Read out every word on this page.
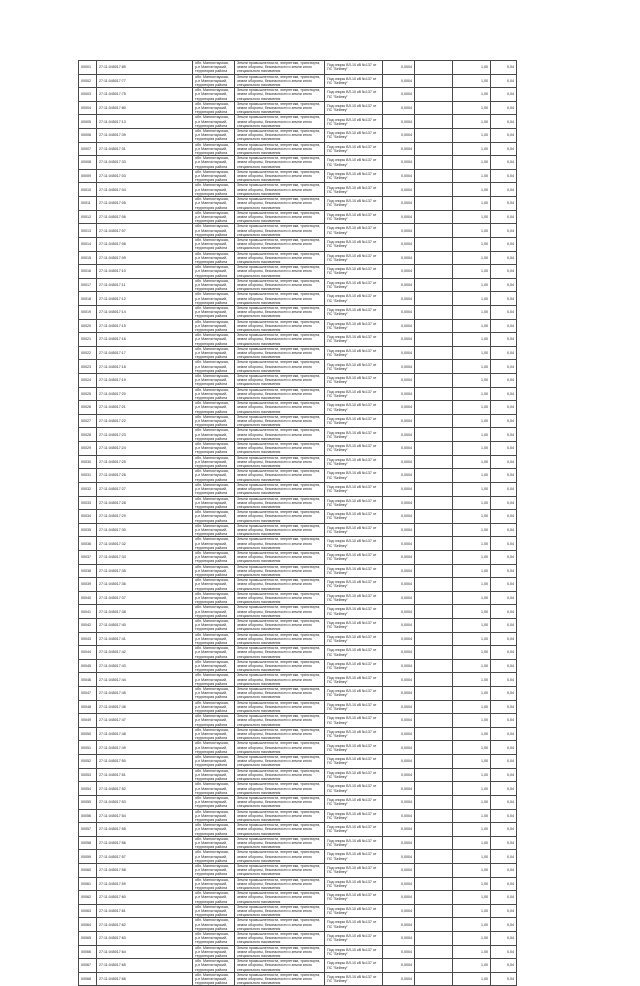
00001	27:11:045017:89	обл. Мангистауская, р-н Мангистауский, территория района	Земли промышленности, энергетики, транспорта, земли обороны, безопасности и земли иного специального назначения	Под опоры ВЛ-10 кВ №137 от ПС "Бейнеу"	0,0004		1,00	0,04
00002	27:11:045017:77	обл. Мангистауская, р-н Мангистауский, территория района	Земли промышленности, энергетики, транспорта, земли обороны, безопасности и земли иного специального назначения	Под опоры ВЛ-10 кВ №137 от ПС "Бейнеу"	0,0004		1,00	0,04
00003	27:11:045017:75	обл. Мангистауская, р-н Мангистауский, территория района	Земли промышленности, энергетики, транспорта, земли обороны, безопасности и земли иного специального назначения	Под опоры ВЛ-10 кВ №137 от ПС "Бейнеу"	0,0004		1,00	0,04
00004	27:11:045017:80	обл. Мангистауская, р-н Мангистауский, территория района	Земли промышленности, энергетики, транспорта, земли обороны, безопасности и земли иного специального назначения	Под опоры ВЛ-10 кВ №137 от ПС "Бейнеу"	0,0004		1,00	0,04
00005	27:11:045017:13	обл. Мангистауская, р-н Мангистауский, территория района	Земли промышленности, энергетики, транспорта, земли обороны, безопасности и земли иного специального назначения	Под опоры ВЛ-10 кВ №137 от ПС "Бейнеу"	0,0004		1,00	0,04
00006	27:11:045017:39	обл. Мангистауская, р-н Мангистауский, территория района	Земли промышленности, энергетики, транспорта, земли обороны, безопасности и земли иного специального назначения	Под опоры ВЛ-10 кВ №137 от ПС "Бейнеу"	0,0004		1,00	0,04
00007	27:11:045017:31	обл. Мангистауская, р-н Мангистауский, территория района	Земли промышленности, энергетики, транспорта, земли обороны, безопасности и земли иного специального назначения	Под опоры ВЛ-10 кВ №137 от ПС "Бейнеу"	0,0004		1,00	0,04
00008	27:11:045017:33	обл. Мангистауская, р-н Мангистауский, территория района	Земли промышленности, энергетики, транспорта, земли обороны, безопасности и земли иного специального назначения	Под опоры ВЛ-10 кВ №137 от ПС "Бейнеу"	0,0004		1,00	0,04
00009	27:11:045017:03	обл. Мангистауская, р-н Мангистауский, территория района	Земли промышленности, энергетики, транспорта, земли обороны, безопасности и земли иного специального назначения	Под опоры ВЛ-10 кВ №137 от ПС "Бейнеу"	0,0004		1,00	0,04
00010	27:11:045017:04	обл. Мангистауская, р-н Мангистауский, территория района	Земли промышленности, энергетики, транспорта, земли обороны, безопасности и земли иного специального назначения	Под опоры ВЛ-10 кВ №137 от ПС "Бейнеу"	0,0004		1,00	0,04
00011	27:11:045017:05	обл. Мангистауская, р-н Мангистауский, территория района	Земли промышленности, энергетики, транспорта, земли обороны, безопасности и земли иного специального назначения	Под опоры ВЛ-10 кВ №137 от ПС "Бейнеу"	0,0004		1,00	0,04
00012	27:11:045017:06	обл. Мангистауская, р-н Мангистауский, территория района	Земли промышленности, энергетики, транспорта, земли обороны, безопасности и земли иного специального назначения	Под опоры ВЛ-10 кВ №137 от ПС "Бейнеу"	0,0004		1,00	0,04
00013	27:11:045017:07	обл. Мангистауская, р-н Мангистауский, территория района	Земли промышленности, энергетики, транспорта, земли обороны, безопасности и земли иного специального назначения	Под опоры ВЛ-10 кВ №137 от ПС "Бейнеу"	0,0004		1,00	0,04
00014	27:11:045017:08	обл. Мангистауская, р-н Мангистауский, территория района	Земли промышленности, энергетики, транспорта, земли обороны, безопасности и земли иного специального назначения	Под опоры ВЛ-10 кВ №137 от ПС "Бейнеу"	0,0004		1,00	0,04
00015	27:11:045017:09	обл. Мангистауская, р-н Мангистауский, территория района	Земли промышленности, энергетики, транспорта, земли обороны, безопасности и земли иного специального назначения	Под опоры ВЛ-10 кВ №137 от ПС "Бейнеу"	0,0004		1,00	0,04
00016	27:11:045017:10	обл. Мангистауская, р-н Мангистауский, территория района	Земли промышленности, энергетики, транспорта, земли обороны, безопасности и земли иного специального назначения	Под опоры ВЛ-10 кВ №137 от ПС "Бейнеу"	0,0004		1,00	0,04
00017	27:11:045017:11	обл. Мангистауская, р-н Мангистауский, территория района	Земли промышленности, энергетики, транспорта, земли обороны, безопасности и земли иного специального назначения	Под опоры ВЛ-10 кВ №137 от ПС "Бейнеу"	0,0004		1,00	0,04
00018	27:11:045017:12	обл. Мангистауская, р-н Мангистауский, территория района	Земли промышленности, энергетики, транспорта, земли обороны, безопасности и земли иного специального назначения	Под опоры ВЛ-10 кВ №137 от ПС "Бейнеу"	0,0004		1,00	0,04
00019	27:11:045017:14	обл. Мангистауская, р-н Мангистауский, территория района	Земли промышленности, энергетики, транспорта, земли обороны, безопасности и земли иного специального назначения	Под опоры ВЛ-10 кВ №137 от ПС "Бейнеу"	0,0004		1,00	0,04
00020	27:11:045017:15	обл. Мангистауская, р-н Мангистауский, территория района	Земли промышленности, энергетики, транспорта, земли обороны, безопасности и земли иного специального назначения	Под опоры ВЛ-10 кВ №137 от ПС "Бейнеу"	0,0004		1,00	0,04
00021	27:11:045017:16	обл. Мангистауская, р-н Мангистауский, территория района	Земли промышленности, энергетики, транспорта, земли обороны, безопасности и земли иного специального назначения	Под опоры ВЛ-10 кВ №137 от ПС "Бейнеу"	0,0004		1,00	0,04
00022	27:11:045017:17	обл. Мангистауская, р-н Мангистауский, территория района	Земли промышленности, энергетики, транспорта, земли обороны, безопасности и земли иного специального назначения	Под опоры ВЛ-10 кВ №137 от ПС "Бейнеу"	0,0004		1,00	0,04
00023	27:11:045017:18	обл. Мангистауская, р-н Мангистауский, территория района	Земли промышленности, энергетики, транспорта, земли обороны, безопасности и земли иного специального назначения	Под опоры ВЛ-10 кВ №137 от ПС "Бейнеу"	0,0004		1,00	0,04
00024	27:11:045017:19	обл. Мангистауская, р-н Мангистауский, территория района	Земли промышленности, энергетики, транспорта, земли обороны, безопасности и земли иного специального назначения	Под опоры ВЛ-10 кВ №137 от ПС "Бейнеу"	0,0004		1,00	0,04
00025	27:11:045017:20	обл. Мангистауская, р-н Мангистауский, территория района	Земли промышленности, энергетики, транспорта, земли обороны, безопасности и земли иного специального назначения	Под опоры ВЛ-10 кВ №137 от ПС "Бейнеу"	0,0004		1,00	0,04
00026	27:11:045017:21	обл. Мангистауская, р-н Мангистауский, территория района	Земли промышленности, энергетики, транспорта, земли обороны, безопасности и земли иного специального назначения	Под опоры ВЛ-10 кВ №137 от ПС "Бейнеу"	0,0004		1,00	0,04
00027	27:11:045017:22	обл. Мангистауская, р-н Мангистауский, территория района	Земли промышленности, энергетики, транспорта, земли обороны, безопасности и земли иного специального назначения	Под опоры ВЛ-10 кВ №137 от ПС "Бейнеу"	0,0004		1,00	0,04
00028	27:11:045017:23	обл. Мангистауская, р-н Мангистауский, территория района	Земли промышленности, энергетики, транспорта, земли обороны, безопасности и земли иного специального назначения	Под опоры ВЛ-10 кВ №137 от ПС "Бейнеу"	0,0004		1,00	0,04
00029	27:11:045017:24	обл. Мангистауская, р-н Мангистауский, территория района	Земли промышленности, энергетики, транспорта, земли обороны, безопасности и земли иного специального назначения	Под опоры ВЛ-10 кВ №137 от ПС "Бейнеу"	0,0004		1,00	0,04
00030	27:11:045017:25	обл. Мангистауская, р-н Мангистауский, территория района	Земли промышленности, энергетики, транспорта, земли обороны, безопасности и земли иного специального назначения	Под опоры ВЛ-10 кВ №137 от ПС "Бейнеу"	0,0004		1,00	0,04
00031	27:11:045017:26	обл. Мангистауская, р-н Мангистауский, территория района	Земли промышленности, энергетики, транспорта, земли обороны, безопасности и земли иного специального назначения	Под опоры ВЛ-10 кВ №137 от ПС "Бейнеу"	0,0004		1,00	0,04
00032	27:11:045017:27	обл. Мангистауская, р-н Мангистауский, территория района	Земли промышленности, энергетики, транспорта, земли обороны, безопасности и земли иного специального назначения	Под опоры ВЛ-10 кВ №137 от ПС "Бейнеу"	0,0004		1,00	0,04
00033	27:11:045017:28	обл. Мангистауская, р-н Мангистауский, территория района	Земли промышленности, энергетики, транспорта, земли обороны, безопасности и земли иного специального назначения	Под опоры ВЛ-10 кВ №137 от ПС "Бейнеу"	0,0004		1,00	0,04
00034	27:11:045017:29	обл. Мангистауская, р-н Мангистауский, территория района	Земли промышленности, энергетики, транспорта, земли обороны, безопасности и земли иного специального назначения	Под опоры ВЛ-10 кВ №137 от ПС "Бейнеу"	0,0004		1,00	0,04
00035	27:11:045017:30	обл. Мангистауская, р-н Мангистауский, территория района	Земли промышленности, энергетики, транспорта, земли обороны, безопасности и земли иного специального назначения	Под опоры ВЛ-10 кВ №137 от ПС "Бейнеу"	0,0004		1,00	0,04
00036	27:11:045017:32	обл. Мангистауская, р-н Мангистауский, территория района	Земли промышленности, энергетики, транспорта, земли обороны, безопасности и земли иного специального назначения	Под опоры ВЛ-10 кВ №137 от ПС "Бейнеу"	0,0004		1,00	0,04
00037	27:11:045017:34	обл. Мангистауская, р-н Мангистауский, территория района	Земли промышленности, энергетики, транспорта, земли обороны, безопасности и земли иного специального назначения	Под опоры ВЛ-10 кВ №137 от ПС "Бейнеу"	0,0004		1,00	0,04
00038	27:11:045017:35	обл. Мангистауская, р-н Мангистауский, территория района	Земли промышленности, энергетики, транспорта, земли обороны, безопасности и земли иного специального назначения	Под опоры ВЛ-10 кВ №137 от ПС "Бейнеу"	0,0004		1,00	0,04
00039	27:11:045017:36	обл. Мангистауская, р-н Мангистауский, территория района	Земли промышленности, энергетики, транспорта, земли обороны, безопасности и земли иного специального назначения	Под опоры ВЛ-10 кВ №137 от ПС "Бейнеу"	0,0004		1,00	0,04
00040	27:11:045017:37	обл. Мангистауская, р-н Мангистауский, территория района	Земли промышленности, энергетики, транспорта, земли обороны, безопасности и земли иного специального назначения	Под опоры ВЛ-10 кВ №137 от ПС "Бейнеу"	0,0004		1,00	0,04
00041	27:11:045017:38	обл. Мангистауская, р-н Мангистауский, территория района	Земли промышленности, энергетики, транспорта, земли обороны, безопасности и земли иного специального назначения	Под опоры ВЛ-10 кВ №137 от ПС "Бейнеу"	0,0004		1,00	0,04
00042	27:11:045017:40	обл. Мангистауская, р-н Мангистауский, территория района	Земли промышленности, энергетики, транспорта, земли обороны, безопасности и земли иного специального назначения	Под опоры ВЛ-10 кВ №137 от ПС "Бейнеу"	0,0004		1,00	0,04
00043	27:11:045017:41	обл. Мангистауская, р-н Мангистауский, территория района	Земли промышленности, энергетики, транспорта, земли обороны, безопасности и земли иного специального назначения	Под опоры ВЛ-10 кВ №137 от ПС "Бейнеу"	0,0004		1,00	0,04
00044	27:11:045017:42	обл. Мангистауская, р-н Мангистауский, территория района	Земли промышленности, энергетики, транспорта, земли обороны, безопасности и земли иного специального назначения	Под опоры ВЛ-10 кВ №137 от ПС "Бейнеу"	0,0004		1,00	0,04
00045	27:11:045017:43	обл. Мангистауская, р-н Мангистауский, территория района	Земли промышленности, энергетики, транспорта, земли обороны, безопасности и земли иного специального назначения	Под опоры ВЛ-10 кВ №137 от ПС "Бейнеу"	0,0004		1,00	0,04
00046	27:11:045017:44	обл. Мангистауская, р-н Мангистауский, территория района	Земли промышленности, энергетики, транспорта, земли обороны, безопасности и земли иного специального назначения	Под опоры ВЛ-10 кВ №137 от ПС "Бейнеу"	0,0004		1,00	0,04
00047	27:11:045017:45	обл. Мангистауская, р-н Мангистауский, территория района	Земли промышленности, энергетики, транспорта, земли обороны, безопасности и земли иного специального назначения	Под опоры ВЛ-10 кВ №137 от ПС "Бейнеу"	0,0004		1,00	0,04
00048	27:11:045017:46	обл. Мангистауская, р-н Мангистауский, территория района	Земли промышленности, энергетики, транспорта, земли обороны, безопасности и земли иного специального назначения	Под опоры ВЛ-10 кВ №137 от ПС "Бейнеу"	0,0004		1,00	0,04
00049	27:11:045017:47	обл. Мангистауская, р-н Мангистауский, территория района	Земли промышленности, энергетики, транспорта, земли обороны, безопасности и земли иного специального назначения	Под опоры ВЛ-10 кВ №137 от ПС "Бейнеу"	0,0004		1,00	0,04
00050	27:11:045017:48	обл. Мангистауская, р-н Мангистауский, территория района	Земли промышленности, энергетики, транспорта, земли обороны, безопасности и земли иного специального назначения	Под опоры ВЛ-10 кВ №137 от ПС "Бейнеу"	0,0004		1,00	0,04
00051	27:11:045017:49	обл. Мангистауская, р-н Мангистауский, территория района	Земли промышленности, энергетики, транспорта, земли обороны, безопасности и земли иного специального назначения	Под опоры ВЛ-10 кВ №137 от ПС "Бейнеу"	0,0004		1,00	0,04
00052	27:11:045017:50	обл. Мангистауская, р-н Мангистауский, территория района	Земли промышленности, энергетики, транспорта, земли обороны, безопасности и земли иного специального назначения	Под опоры ВЛ-10 кВ №137 от ПС "Бейнеу"	0,0004		1,00	0,04
00053	27:11:045017:51	обл. Мангистауская, р-н Мангистауский, территория района	Земли промышленности, энергетики, транспорта, земли обороны, безопасности и земли иного специального назначения	Под опоры ВЛ-10 кВ №137 от ПС "Бейнеу"	0,0004		1,00	0,04
00054	27:11:045017:52	обл. Мангистауская, р-н Мангистауский, территория района	Земли промышленности, энергетики, транспорта, земли обороны, безопасности и земли иного специального назначения	Под опоры ВЛ-10 кВ №137 от ПС "Бейнеу"	0,0004		1,00	0,04
00055	27:11:045017:53	обл. Мангистауская, р-н Мангистауский, территория района	Земли промышленности, энергетики, транспорта, земли обороны, безопасности и земли иного специального назначения	Под опоры ВЛ-10 кВ №137 от ПС "Бейнеу"	0,0004		1,00	0,04
00056	27:11:045017:54	обл. Мангистауская, р-н Мангистауский, территория района	Земли промышленности, энергетики, транспорта, земли обороны, безопасности и земли иного специального назначения	Под опоры ВЛ-10 кВ №137 от ПС "Бейнеу"	0,0004		1,00	0,04
00057	27:11:045017:55	обл. Мангистауская, р-н Мангистауский, территория района	Земли промышленности, энергетики, транспорта, земли обороны, безопасности и земли иного специального назначения	Под опоры ВЛ-10 кВ №137 от ПС "Бейнеу"	0,0004		1,00	0,04
00058	27:11:045017:56	обл. Мангистауская, р-н Мангистауский, территория района	Земли промышленности, энергетики, транспорта, земли обороны, безопасности и земли иного специального назначения	Под опоры ВЛ-10 кВ №137 от ПС "Бейнеу"	0,0004		1,00	0,04
00059	27:11:045017:57	обл. Мангистауская, р-н Мангистауский, территория района	Земли промышленности, энергетики, транспорта, земли обороны, безопасности и земли иного специального назначения	Под опоры ВЛ-10 кВ №137 от ПС "Бейнеу"	0,0004		1,00	0,04
00060	27:11:045017:58	обл. Мангистауская, р-н Мангистауский, территория района	Земли промышленности, энергетики, транспорта, земли обороны, безопасности и земли иного специального назначения	Под опоры ВЛ-10 кВ №137 от ПС "Бейнеу"	0,0004		1,00	0,04
00061	27:11:045017:59	обл. Мангистауская, р-н Мангистауский, территория района	Земли промышленности, энергетики, транспорта, земли обороны, безопасности и земли иного специального назначения	Под опоры ВЛ-10 кВ №137 от ПС "Бейнеу"	0,0004		1,00	0,04
00062	27:11:045017:60	обл. Мангистауская, р-н Мангистауский, территория района	Земли промышленности, энергетики, транспорта, земли обороны, безопасности и земли иного специального назначения	Под опоры ВЛ-10 кВ №137 от ПС "Бейнеу"	0,0004		1,00	0,04
00063	27:11:045017:61	обл. Мангистауская, р-н Мангистауский, территория района	Земли промышленности, энергетики, транспорта, земли обороны, безопасности и земли иного специального назначения	Под опоры ВЛ-10 кВ №137 от ПС "Бейнеу"	0,0004		1,00	0,04
00064	27:11:045017:62	обл. Мангистауская, р-н Мангистауский, территория района	Земли промышленности, энергетики, транспорта, земли обороны, безопасности и земли иного специального назначения	Под опоры ВЛ-10 кВ №137 от ПС "Бейнеу"	0,0004		1,00	0,04
00065	27:11:045017:63	обл. Мангистауская, р-н Мангистауский, территория района	Земли промышленности, энергетики, транспорта, земли обороны, безопасности и земли иного специального назначения	Под опоры ВЛ-10 кВ №137 от ПС "Бейнеу"	0,0004		1,00	0,04
00066	27:11:045017:64	обл. Мангистауская, р-н Мангистауский, территория района	Земли промышленности, энергетики, транспорта, земли обороны, безопасности и земли иного специального назначения	Под опоры ВЛ-10 кВ №137 от ПС "Бейнеу"	0,0004		1,00	0,04
00067	27:11:045017:65	обл. Мангистауская, р-н Мангистауский, территория района	Земли промышленности, энергетики, транспорта, земли обороны, безопасности и земли иного специального назначения	Под опоры ВЛ-10 кВ №137 от ПС "Бейнеу"	0,0004		1,00	0,04
00068	27:11:045017:66	обл. Мангистауская, р-н Мангистауский, территория района	Земли промышленности, энергетики, транспорта, земли обороны, безопасности и земли иного специального назначения	Под опоры ВЛ-10 кВ №137 от ПС "Бейнеу"	0,0004		1,00	0,04
